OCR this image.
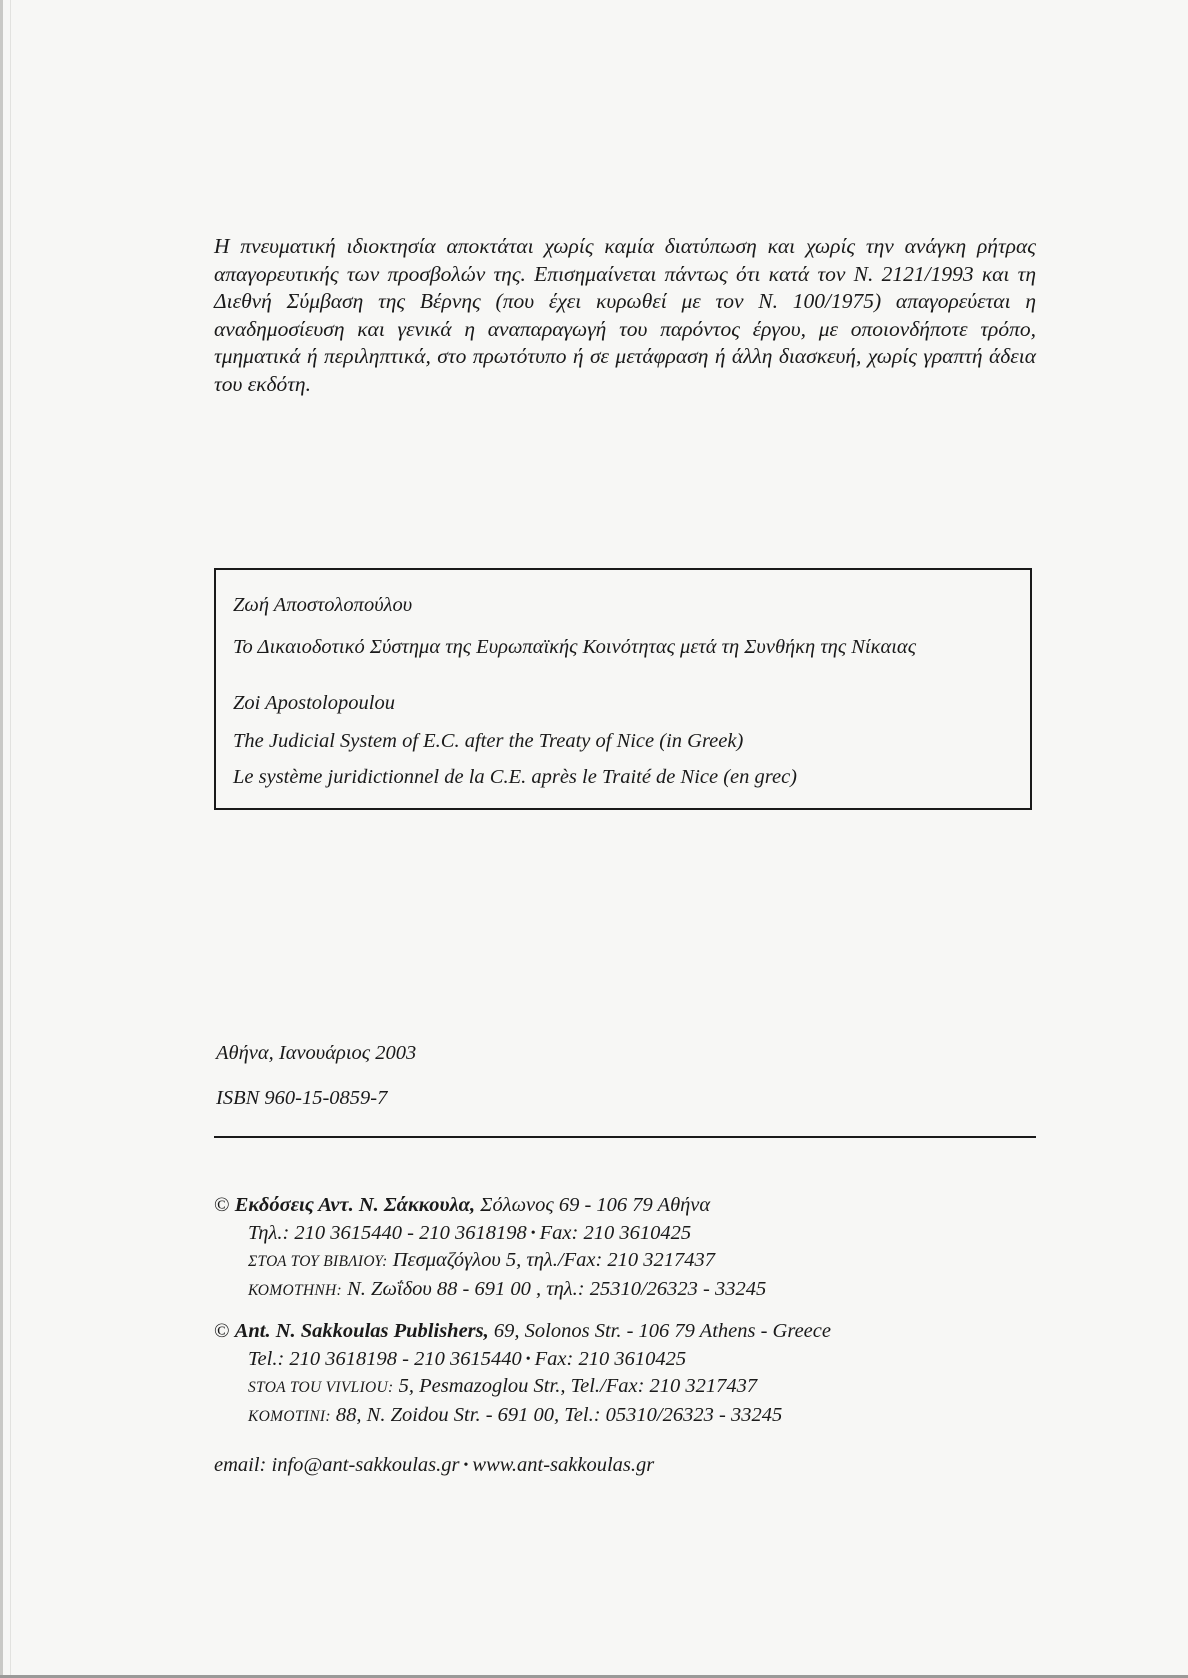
Η πνευματική ιδιοκτησία αποκτάται χωρίς καμία διατύπωση και χωρίς την ανάγκη ρήτρας απαγορευτικής των προσβολών της. Επισημαίνεται πάντως ότι κατά τον Ν. 2121/1993 και τη Διεθνή Σύμβαση της Βέρνης (που έχει κυρωθεί με τον Ν. 100/1975) απαγορεύεται η αναδημοσίευση και γενικά η αναπαραγωγή του παρόντος έργου, με οποιονδήποτε τρόπο, τμηματικά ή περιληπτικά, στο πρωτότυπο ή σε μετάφραση ή άλλη διασκευή, χωρίς γραπτή άδεια του εκδότη.

Ζωή Αποστολοπούλου
Το Δικαιοδοτικό Σύστημα της Ευρωπαϊκής Κοινότητας μετά τη Συνθήκη της Νίκαιας
Zoi Apostolopoulou
The Judicial System of E.C. after the Treaty of Nice (in Greek)
Le système juridictionnel de la C.E. après le Traité de Nice (en grec)
Αθήνα, Ιανουάριος 2003
ISBN 960-15-0859-7
© Εκδόσεις Αντ. Ν. Σάκκουλα, Σόλωνος 69 - 106 79 Αθήνα
Τηλ.: 210 3615440 - 210 3618198 • Fax: 210 3610425
ΣΤΟΑ ΤΟΥ ΒΙΒΛΙΟΥ: Πεσμαζόγλου 5, τηλ./Fax: 210 3217437
ΚΟΜΟΤΗΝΗ: Ν. Ζωΐδου 88 - 691 00 , τηλ.: 25310/26323 - 33245
© Ant. N. Sakkoulas Publishers, 69, Solonos Str. - 106 79 Athens - Greece
Tel.: 210 3618198 - 210 3615440 • Fax: 210 3610425
STOA TOU VIVLIOU: 5, Pesmazoglou Str., Tel./Fax: 210 3217437
KOMOTINI: 88, N. Zoidou Str. - 691 00, Tel.: 05310/26323 - 33245
email: info@ant-sakkoulas.gr • www.ant-sakkoulas.gr
